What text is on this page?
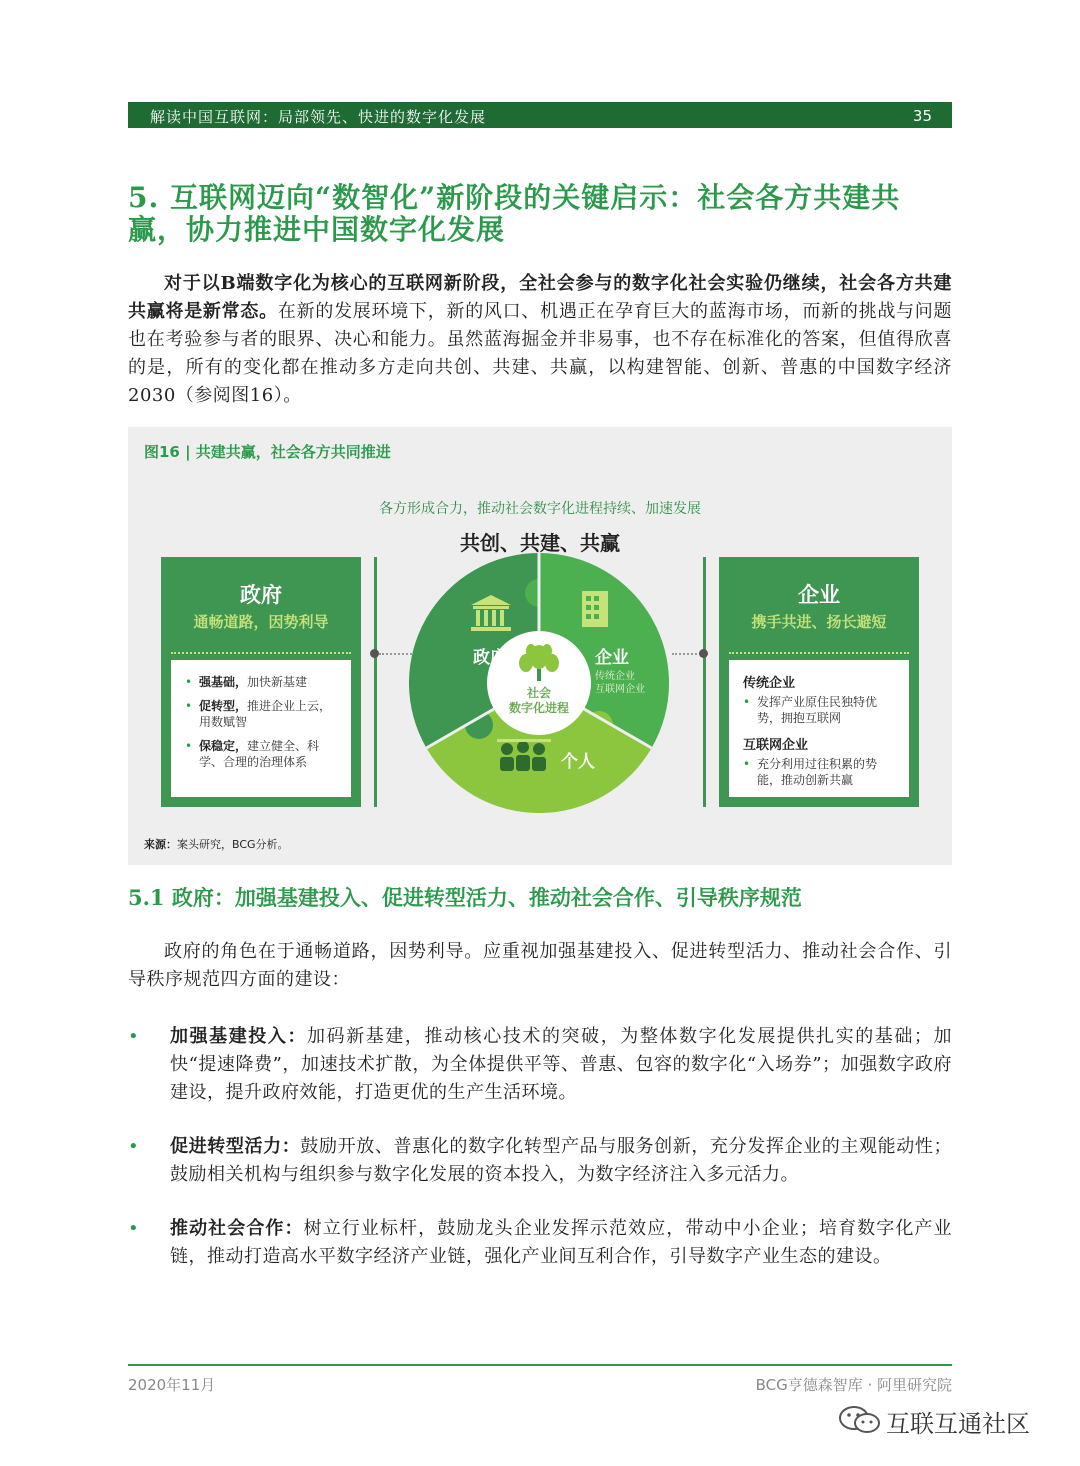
解读中国互联网：局部领先、快进的数字化发展	35
5. 互联网迈向“数智化”新阶段的关键启示：社会各方共建共赢，协力推进中国数字化发展
对于以B端数字化为核心的互联网新阶段，全社会参与的数字化社会实验仍继续，社会各方共建共赢将是新常态。在新的发展环境下，新的风口、机遇正在孕育巨大的蓝海市场，而新的挑战与问题也在考验参与者的眼界、决心和能力。虽然蓝海掘金并非易事，也不存在标准化的答案，但值得欣喜的是，所有的变化都在推动多方走向共创、共建、共赢，以构建智能、创新、普惠的中国数字经济2030（参阅图16）。
图16 | 共建共赢，社会各方共同推进
各方形成合力，推动社会数字化进程持续、加速发展
共创、共建、共赢
政府
通畅道路，因势利导
• 强基础，加快新基建
• 促转型，推进企业上云，用数赋智
• 保稳定，建立健全、科学、合理的治理体系
企业
携手共进、扬长避短
传统企业
• 发挥产业原住民独特优势，拥抱互联网
互联网企业
• 充分利用过往积累的势能，推动创新共赢
政府	企业
传统企业
互联网企业
个人
社会
数字化进程
来源：案头研究，BCG分析。
5.1 政府：加强基建投入、促进转型活力、推动社会合作、引导秩序规范
政府的角色在于通畅道路，因势利导。应重视加强基建投入、促进转型活力、推动社会合作、引导秩序规范四方面的建设：
• 加强基建投入：加码新基建，推动核心技术的突破，为整体数字化发展提供扎实的基础；加快“提速降费”，加速技术扩散，为全体提供平等、普惠、包容的数字化“入场券”；加强数字政府建设，提升政府效能，打造更优的生产生活环境。
• 促进转型活力：鼓励开放、普惠化的数字化转型产品与服务创新，充分发挥企业的主观能动性；鼓励相关机构与组织参与数字化发展的资本投入，为数字经济注入多元活力。
• 推动社会合作：树立行业标杆，鼓励龙头企业发挥示范效应，带动中小企业；培育数字化产业链，推动打造高水平数字经济产业链，强化产业间互利合作，引导数字产业生态的建设。
2020年11月	BCG亨德森智库 · 阿里研究院
互联互通社区
